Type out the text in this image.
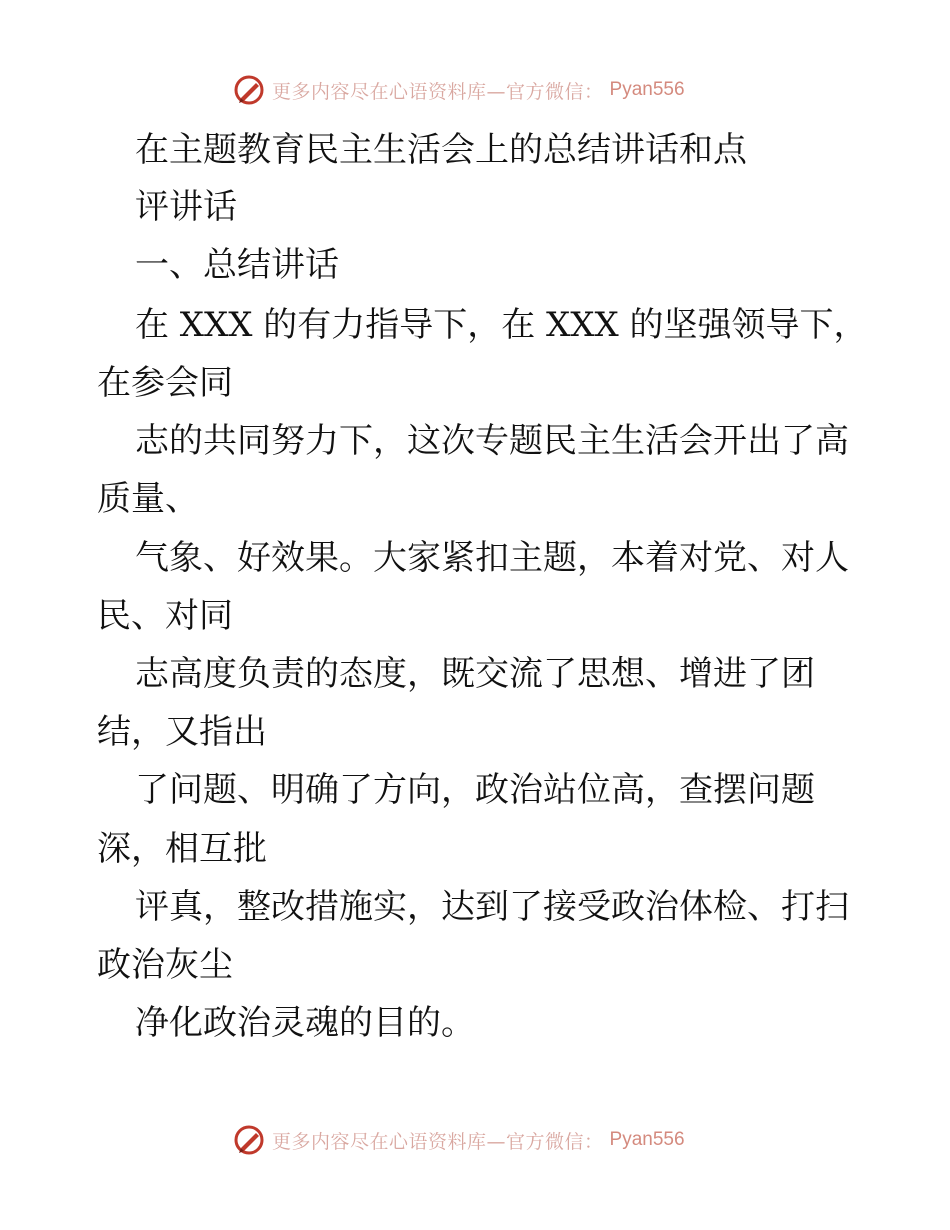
更多内容尽在心语资料库—官方微信： Pyan556
在主题教育民主生活会上的总结讲话和点
评讲话
一、总结讲话
在 XXX 的有力指导下，在 XXX 的坚强领导下，
在参会同
志的共同努力下，这次专题民主生活会开出了高
质量、
气象、好效果。大家紧扣主题，本着对党、对人
民、对同
志高度负责的态度，既交流了思想、增进了团
结，又指出
了问题、明确了方向，政治站位高，查摆问题
深，相互批
评真，整改措施实，达到了接受政治体检、打扫
政治灰尘
净化政治灵魂的目的。
更多内容尽在心语资料库—官方微信： Pyan556
